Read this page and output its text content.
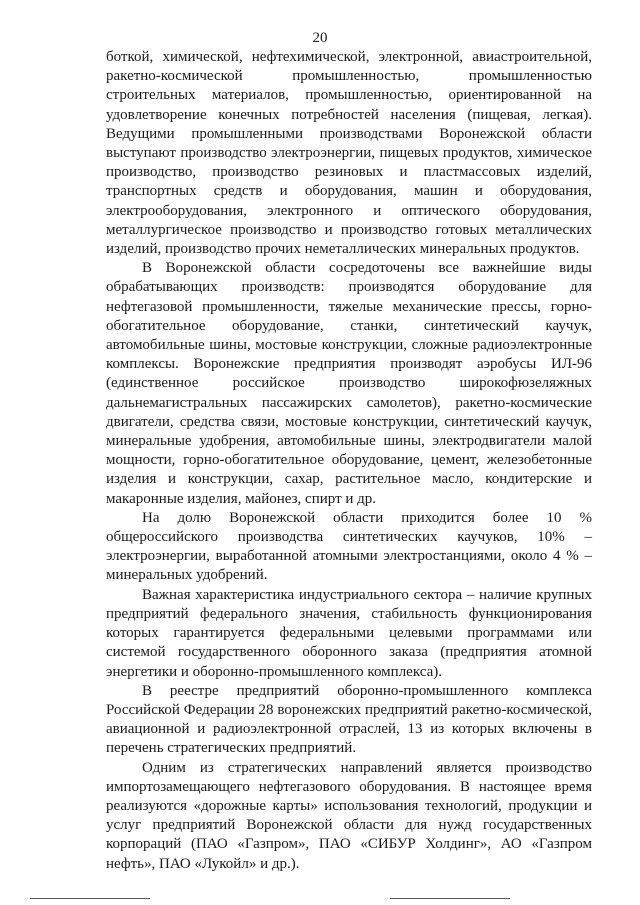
20

боткой, химической, нефтехимической, электронной, авиастроительной, ракетно-космической промышленностью, промышленностью строительных материалов, промышленностью, ориентированной на удовлетворение конечных потребностей населения (пищевая, легкая). Ведущими промышленными производствами Воронежской области выступают производство электроэнергии, пищевых продуктов, химическое производство, производство резиновых и пластмассовых изделий, транспортных средств и оборудования, машин и оборудования, электрооборудования, электронного и оптического оборудования, металлургическое производство и производство готовых металлических изделий, производство прочих неметаллических минеральных продуктов.

В Воронежской области сосредоточены все важнейшие виды обрабатывающих производств: производятся оборудование для нефтегазовой промышленности, тяжелые механические прессы, горно-обогатительное оборудование, станки, синтетический каучук, автомобильные шины, мостовые конструкции, сложные радиоэлектронные комплексы. Воронежские предприятия производят аэробусы ИЛ-96 (единственное российское производство широкофюзеляжных дальнемагистральных пассажирских самолетов), ракетно-космические двигатели, средства связи, мостовые конструкции, синтетический каучук, минеральные удобрения, автомобильные шины, электродвигатели малой мощности, горно-обогатительное оборудование, цемент, железобетонные изделия и конструкции, сахар, растительное масло, кондитерские и макаронные изделия, майонез, спирт и др.

На долю Воронежской области приходится более 10 % общероссийского производства синтетических каучуков, 10% – электроэнергии, выработанной атомными электростанциями, около 4 % – минеральных удобрений.

Важная характеристика индустриального сектора – наличие крупных предприятий федерального значения, стабильность функционирования которых гарантируется федеральными целевыми программами или системой государственного оборонного заказа (предприятия атомной энергетики и оборонно-промышленного комплекса).

В реестре предприятий оборонно-промышленного комплекса Российской Федерации 28 воронежских предприятий ракетно-космической, авиационной и радиоэлектронной отраслей, 13 из которых включены в перечень стратегических предприятий.

Одним из стратегических направлений является производство импортозамещающего нефтегазового оборудования. В настоящее время реализуются «дорожные карты» использования технологий, продукции и услуг предприятий Воронежской области для нужд государственных корпораций (ПАО «Газпром», ПАО «СИБУР Холдинг», АО «Газпром нефть», ПАО «Лукойл» и др.).
